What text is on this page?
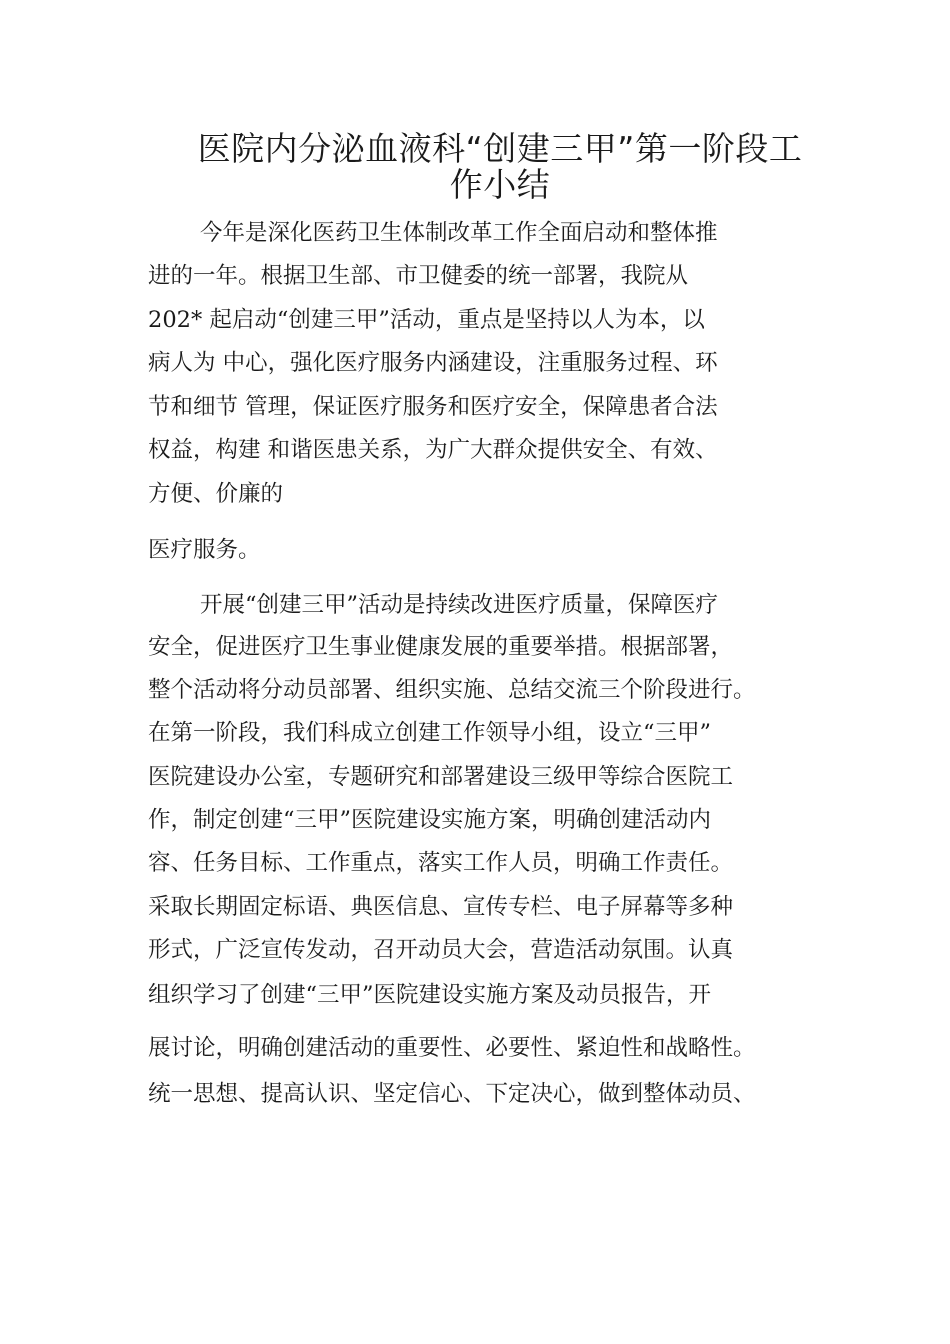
医院内分泌血液科“创建三甲”第一阶段工
作小结

今年是深化医药卫生体制改革工作全面启动和整体推

进的一年。根据卫生部、市卫健委的统一部署，我院从

202* 起启动“创建三甲”活动，重点是坚持以人为本，以

病人为 中心，强化医疗服务内涵建设，注重服务过程、环

节和细节 管理，保证医疗服务和医疗安全，保障患者合法

权益，构建 和谐医患关系，为广大群众提供安全、有效、

方便、价廉的

医疗服务。

开展“创建三甲”活动是持续改进医疗质量，保障医疗

安全，促进医疗卫生事业健康发展的重要举措。根据部署，

整个活动将分动员部署、组织实施、总结交流三个阶段进行。

在第一阶段，我们科成立创建工作领导小组，设立“三甲”

医院建设办公室，专题研究和部署建设三级甲等综合医院工

作，制定创建“三甲”医院建设实施方案，明确创建活动内

容、任务目标、工作重点，落实工作人员，明确工作责任。

采取长期固定标语、典医信息、宣传专栏、电子屏幕等多种

形式，广泛宣传发动，召开动员大会，营造活动氛围。认真

组织学习了创建“三甲”医院建设实施方案及动员报告，开

展讨论，明确创建活动的重要性、必要性、紧迫性和战略性。

统一思想、提高认识、坚定信心、下定决心，做到整体动员、
